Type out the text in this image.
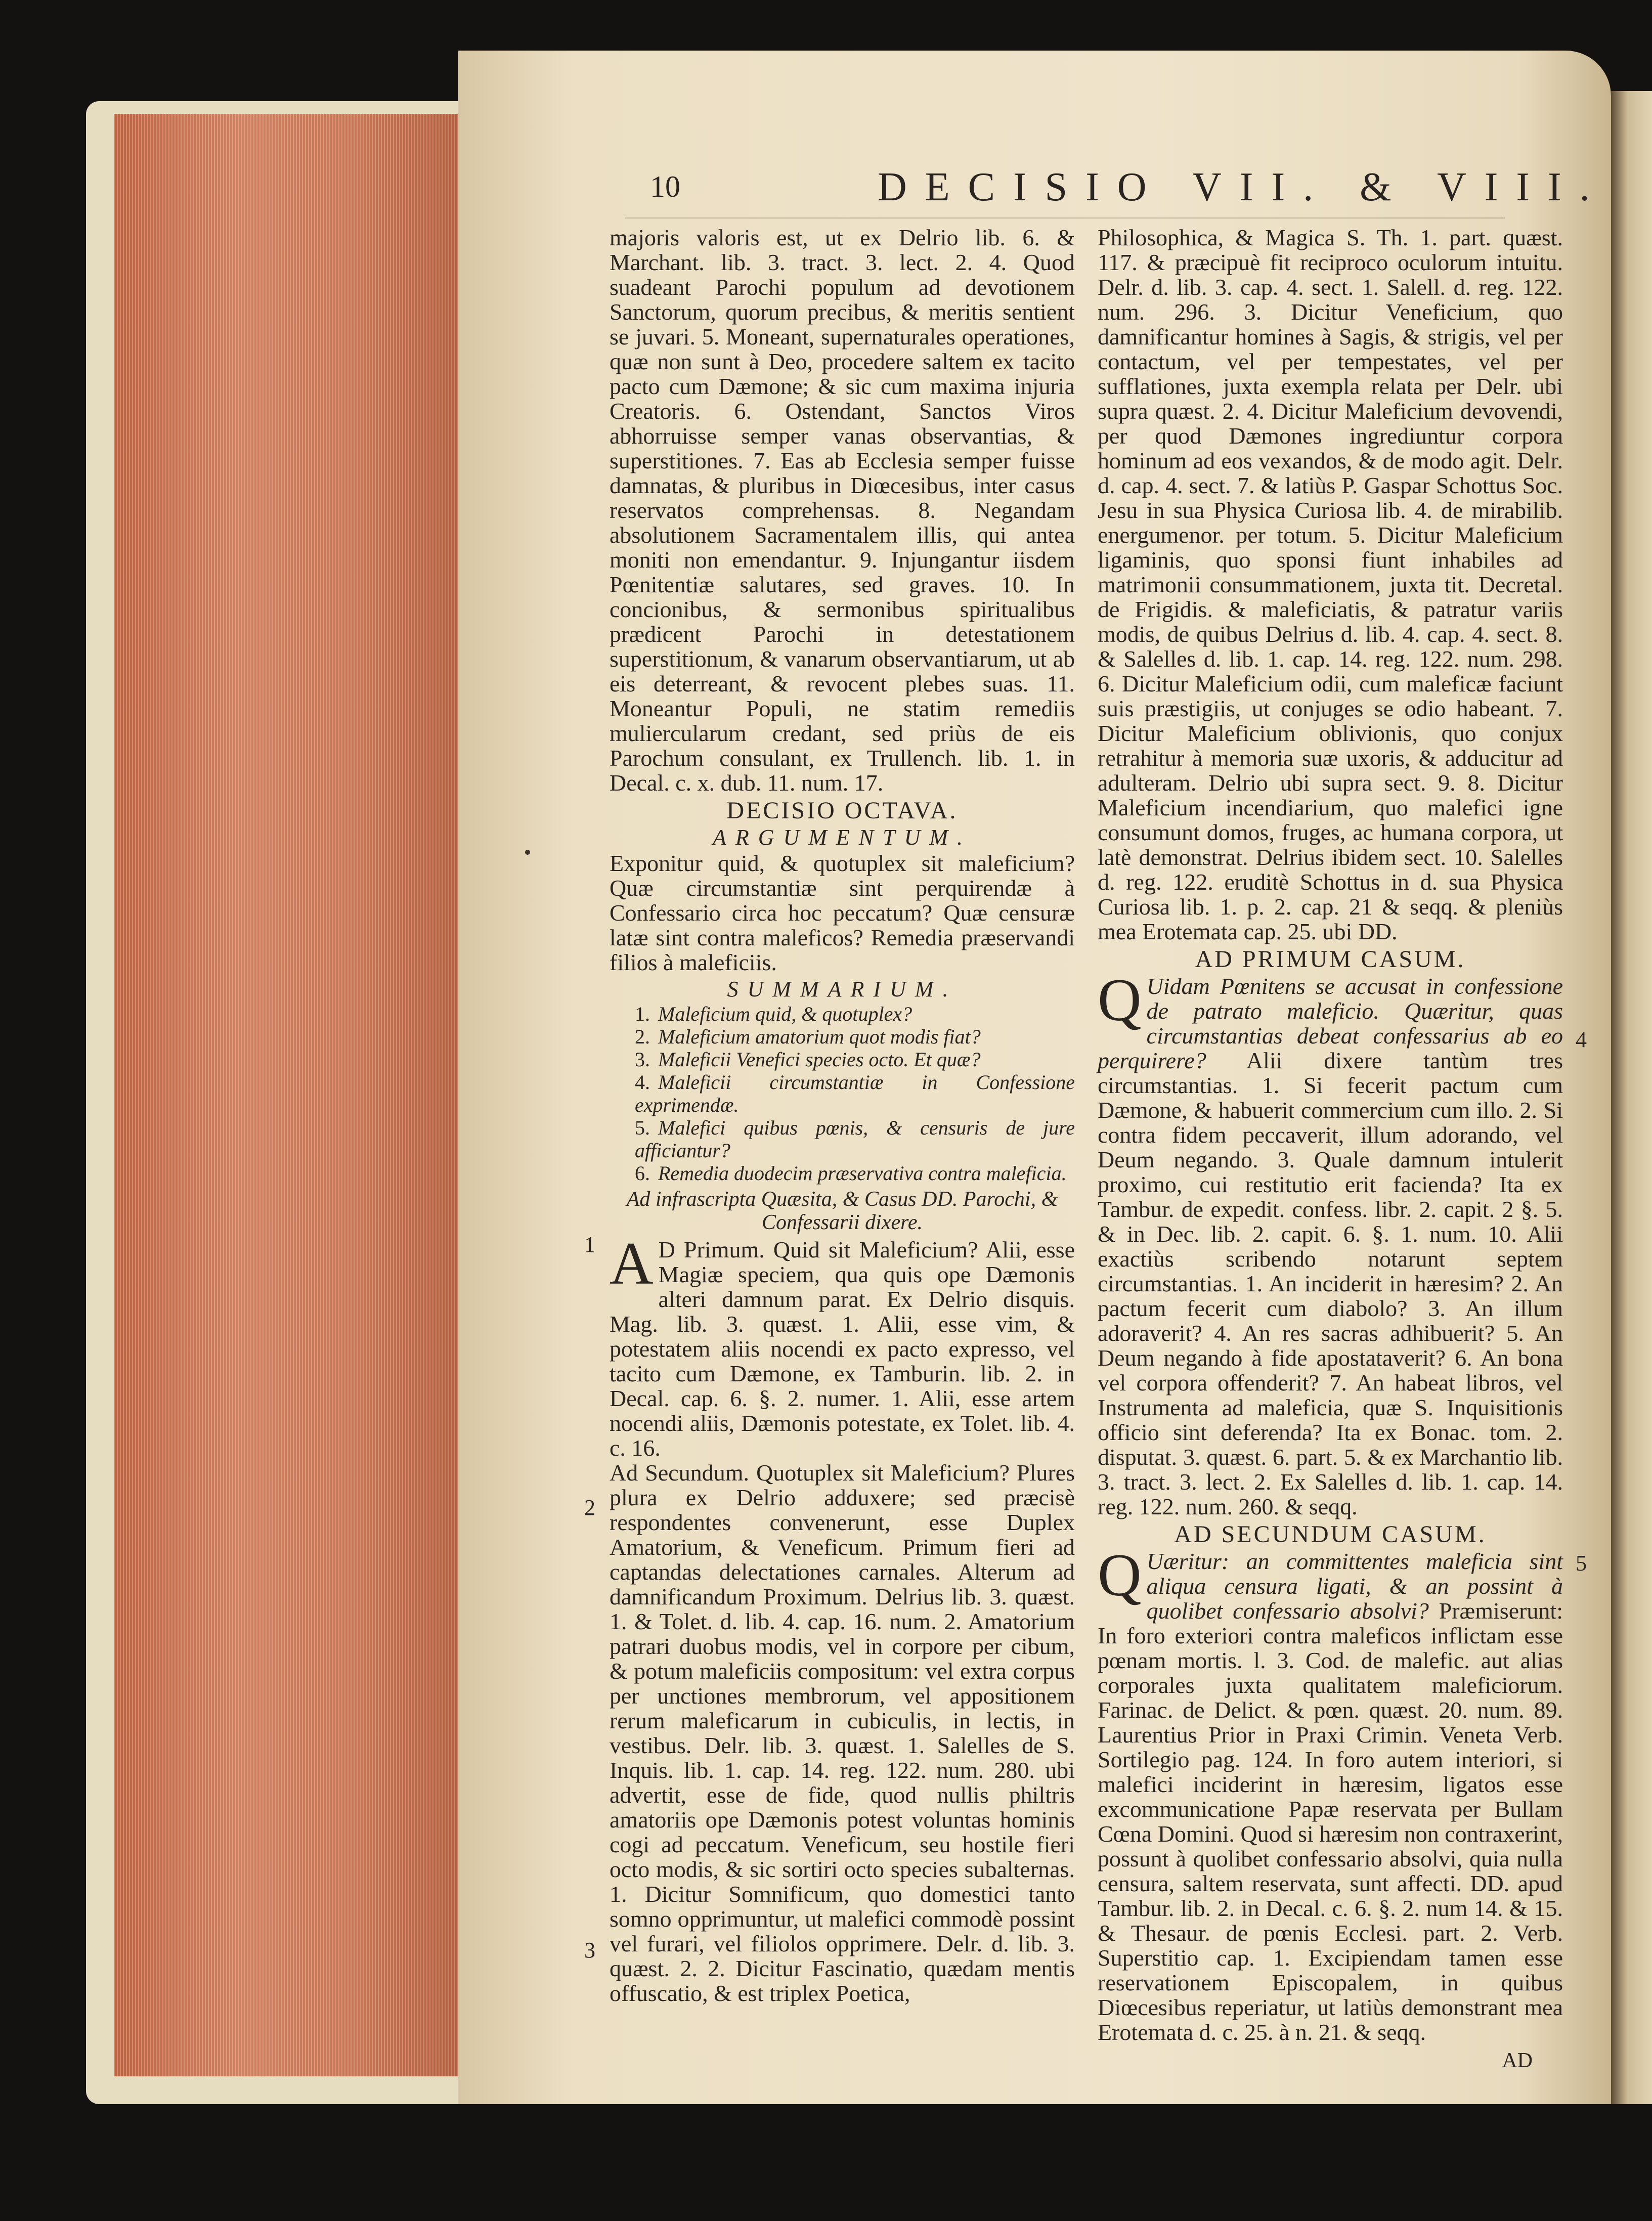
10	DECISIO VII. & VIII.

majoris valoris est, ut ex Delrio lib. 6. & Marchant. lib. 3. tract. 3. lect. 2. 4. Quod suadeant Parochi populum ad devotionem Sanctorum, quorum precibus, & meritis sentient se juvari. 5. Moneant, supernaturales operationes, quæ non sunt à Deo, procedere saltem ex tacito pacto cum Dæmone; & sic cum maxima injuria Creatoris. 6. Ostendant, Sanctos Viros abhorruisse semper vanas observantias, & superstitiones. 7. Eas ab Ecclesia semper fuisse damnatas, & pluribus in Diœcesibus, inter casus reservatos comprehensas. 8. Negandam absolutionem Sacramentalem illis, qui antea moniti non emendantur. 9. Injungantur iisdem Pœnitentiæ salutares, sed graves. 10. In concionibus, & sermonibus spiritualibus prædicent Parochi in detestationem superstitionum, & vanarum observantiarum, ut ab eis deterreant, & revocent plebes suas. 11. Moneantur Populi, ne statim remediis muliercularum credant, sed priùs de eis Parochum consulant, ex Trullench. lib. 1. in Decal. c. x. dub. 11. num. 17.

DECISIO OCTAVA.
ARGUMENTUM.

Exponitur quid, & quotuplex sit maleficium? Quæ circumstantiæ sint perquirendæ à Confessario circa hoc peccatum? Quæ censuræ latæ sint contra maleficos? Remedia præservandi filios à maleficiis.

SUMMARIUM.
1. Maleficium quid, & quotuplex?
2. Maleficium amatorium quot modis fiat?
3. Maleficii Venefici species octo. Et quæ?
4. Maleficii circumstantiæ in Confessione exprimendæ.
5. Malefici quibus pœnis, & censuris de jure afficiantur?
6. Remedia duodecim præservativa contra maleficia.
Ad infrascripta Quæsita, & Casus DD. Parochi, & Confessarii dixere.

A D Primum. Quid sit Maleficium? Alii, esse Magiæ speciem, qua quis ope Dæmonis alteri damnum parat. Ex Delrio disquis. Mag. lib. 3. quæst. 1. Alii, esse vim, & potestatem aliis nocendi ex pacto expresso, vel tacito cum Dæmone, ex Tamburin. lib. 2. in Decal. cap. 6. §. 2. numer. 1. Alii, esse artem nocendi aliis, Dæmonis potestate, ex Tolet. lib. 4. c. 16.

Ad Secundum. Quotuplex sit Maleficium? Plures plura ex Delrio adduxere; sed præcisè respondentes convenerunt, esse Duplex Amatorium, & Veneficum. Primum fieri ad captandas delectationes carnales. Alterum ad damnificandum Proximum. Delrius lib. 3. quæst. 1. & Tolet. d. lib. 4. cap. 16. num. 2. Amatorium patrari duobus modis, vel in corpore per cibum, & potum maleficiis compositum: vel extra corpus per unctiones membrorum, vel appositionem rerum maleficarum in cubiculis, in lectis, in vestibus. Delr. lib. 3. quæst. 1. Salelles de S. Inquis. lib. 1. cap. 14. reg. 122. num. 280. ubi advertit, esse de fide, quod nullis philtris amatoriis ope Dæmonis potest voluntas hominis cogi ad peccatum. Veneficum, seu hostile fieri octo modis, & sic sortiri octo species subalternas. 1. Dicitur Somnificum, quo domestici tanto somno opprimuntur, ut malefici commodè possint vel furari, vel filiolos opprimere. Delr. d. lib. 3. quæst. 2. 2. Dicitur Fascinatio, quædam mentis offuscatio, & est triplex Poetica,

Philosophica, & Magica S. Th. 1. part. quæst. 117. & præcipuè fit reciproco oculorum intuitu. Delr. d. lib. 3. cap. 4. sect. 1. Salell. d. reg. 122. num. 296. 3. Dicitur Veneficium, quo damnificantur homines à Sagis, & strigis, vel per contactum, vel per tempestates, vel per sufflationes, juxta exempla relata per Delr. ubi supra quæst. 2. 4. Dicitur Maleficium devovendi, per quod Dæmones ingrediuntur corpora hominum ad eos vexandos, & de modo agit. Delr. d. cap. 4. sect. 7. & latiùs P. Gaspar Schottus Soc. Jesu in sua Physica Curiosa lib. 4. de mirabilib. energumenor. per totum. 5. Dicitur Maleficium ligaminis, quo sponsi fiunt inhabiles ad matrimonii consummationem, juxta tit. Decretal. de Frigidis. & maleficiatis, & patratur variis modis, de quibus Delrius d. lib. 4. cap. 4. sect. 8. & Salelles d. lib. 1. cap. 14. reg. 122. num. 298. 6. Dicitur Maleficium odii, cum maleficæ faciunt suis præstigiis, ut conjuges se odio habeant. 7. Dicitur Maleficium oblivionis, quo conjux retrahitur à memoria suæ uxoris, & adducitur ad adulteram. Delrio ubi supra sect. 9. 8. Dicitur Maleficium incendiarium, quo malefici igne consumunt domos, fruges, ac humana corpora, ut latè demonstrat. Delrius ibidem sect. 10. Salelles d. reg. 122. eruditè Schottus in d. sua Physica Curiosa lib. 1. p. 2. cap. 21 & seqq. & pleniùs mea Erotemata cap. 25. ubi DD.

AD PRIMUM CASUM.

Q Uidam Pœnitens se accusat in confessione de patrato maleficio. Quæritur, quas circumstantias debeat confessarius ab eo perquirere? Alii dixere tantùm tres circumstantias. 1. Si fecerit pactum cum Dæmone, & habuerit commercium cum illo. 2. Si contra fidem peccaverit, illum adorando, vel Deum negando. 3. Quale damnum intulerit proximo, cui restitutio erit facienda? Ita ex Tambur. de expedit. confess. libr. 2. capit. 2 §. 5. & in Dec. lib. 2. capit. 6. §. 1. num. 10. Alii exactiùs scribendo notarunt septem circumstantias. 1. An inciderit in hæresim? 2. An pactum fecerit cum diabolo? 3. An illum adoraverit? 4. An res sacras adhibuerit? 5. An Deum negando à fide apostataverit? 6. An bona vel corpora offenderit? 7. An habeat libros, vel Instrumenta ad maleficia, quæ S. Inquisitionis officio sint deferenda? Ita ex Bonac. tom. 2. disputat. 3. quæst. 6. part. 5. & ex Marchantio lib. 3. tract. 3. lect. 2. Ex Salelles d. lib. 1. cap. 14. reg. 122. num. 260. & seqq.

AD SECUNDUM CASUM.

Q Uæritur: an committentes maleficia sint aliqua censura ligati, & an possint à quolibet confessario absolvi? Præmiserunt: In foro exteriori contra maleficos inflictam esse pœnam mortis. l. 3. Cod. de malefic. aut alias corporales juxta qualitatem maleficiorum. Farinac. de Delict. & pœn. quæst. 20. num. 89. Laurentius Prior in Praxi Crimin. Veneta Verb. Sortilegio pag. 124. In foro autem interiori, si malefici inciderint in hæresim, ligatos esse excommunicatione Papæ reservata per Bullam Cœna Domini. Quod si hæresim non contraxerint, possunt à quolibet confessario absolvi, quia nulla censura, saltem reservata, sunt affecti. DD. apud Tambur. lib. 2. in Decal. c. 6. §. 2. num 14. & 15. & Thesaur. de pœnis Ecclesi. part. 2. Verb. Superstitio cap. 1. Excipiendam tamen esse reservationem Episcopalem, in quibus Diœcesibus reperiatur, ut latiùs demonstrant mea Erotemata d. c. 25. à n. 21. & seqq.

AD
1
2
3
4
5
